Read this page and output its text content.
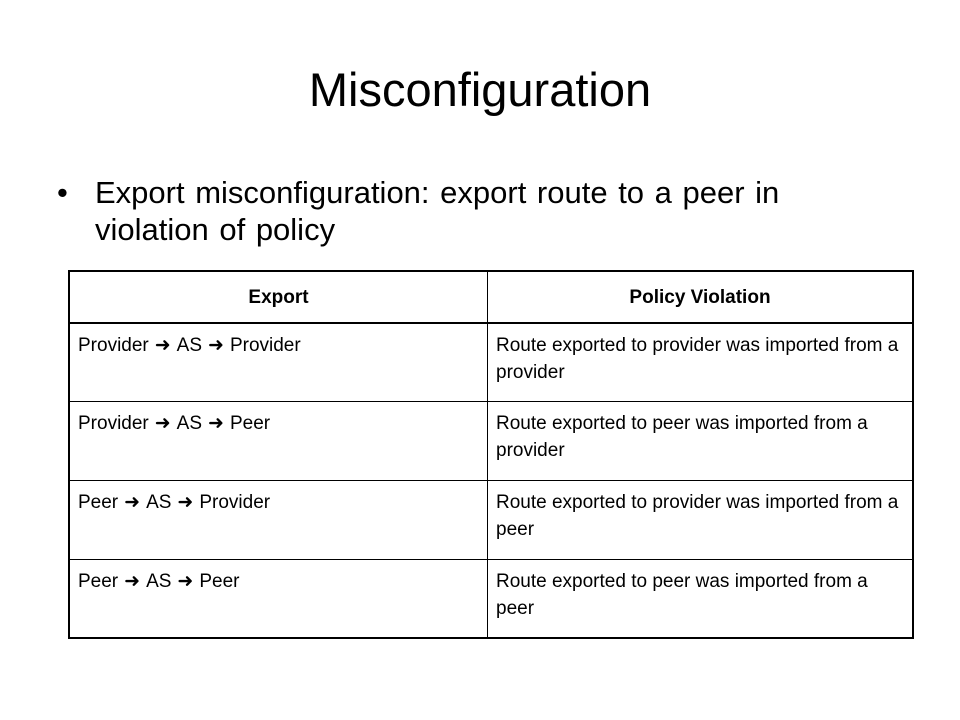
Misconfiguration
• Export misconfiguration: export route to a peer in violation of policy
Export	Policy Violation
Provider ➜ AS ➜ Provider	Route exported to provider was imported from a provider
Provider ➜ AS ➜ Peer	Route exported to peer was imported from a provider
Peer ➜ AS ➜ Provider	Route exported to provider was imported from a peer
Peer ➜ AS ➜ Peer	Route exported to peer was imported from a peer
